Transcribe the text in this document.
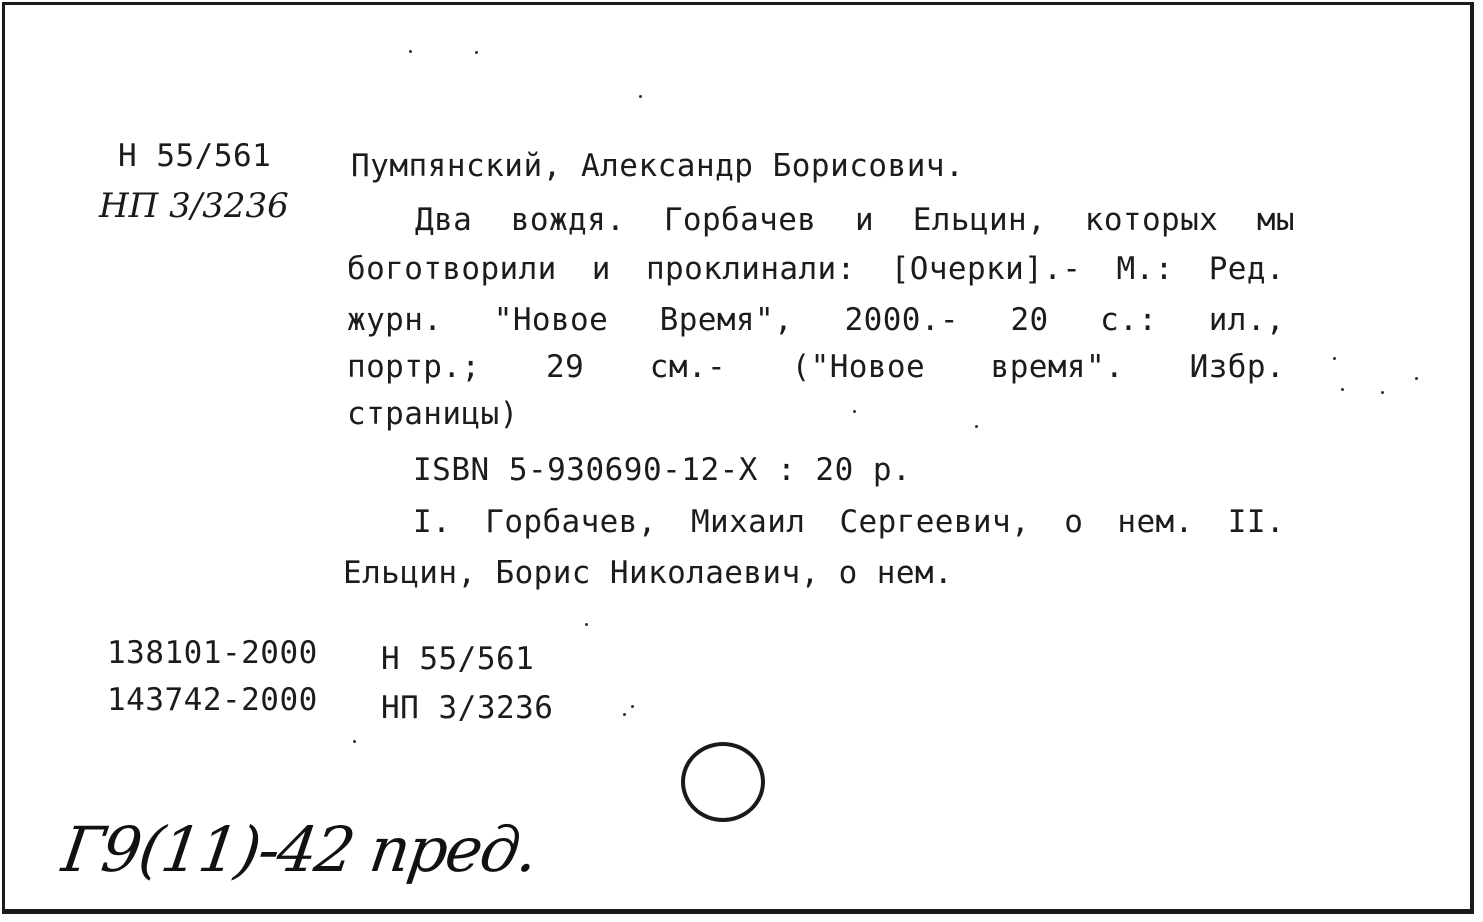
Н 55/561
НП 3/3236
Пумпянский, Александр Борисович.
Два вождя. Горбачев и Ельцин, которых мы
боготворили и проклинали: [Очерки].- М.: Ред.
журн. "Новое Время", 2000.- 20 с.: ил.,
портр.; 29 см.- ("Новое время". Избр.
страницы)
ISBN 5-930690-12-X : 20 р.
I. Горбачев, Михаил Сергеевич, о нем. II.
Ельцин, Борис Николаевич, о нем.
138101-2000 Н 55/561
143742-2000 НП 3/3236
Г9(11)-42 пред.
